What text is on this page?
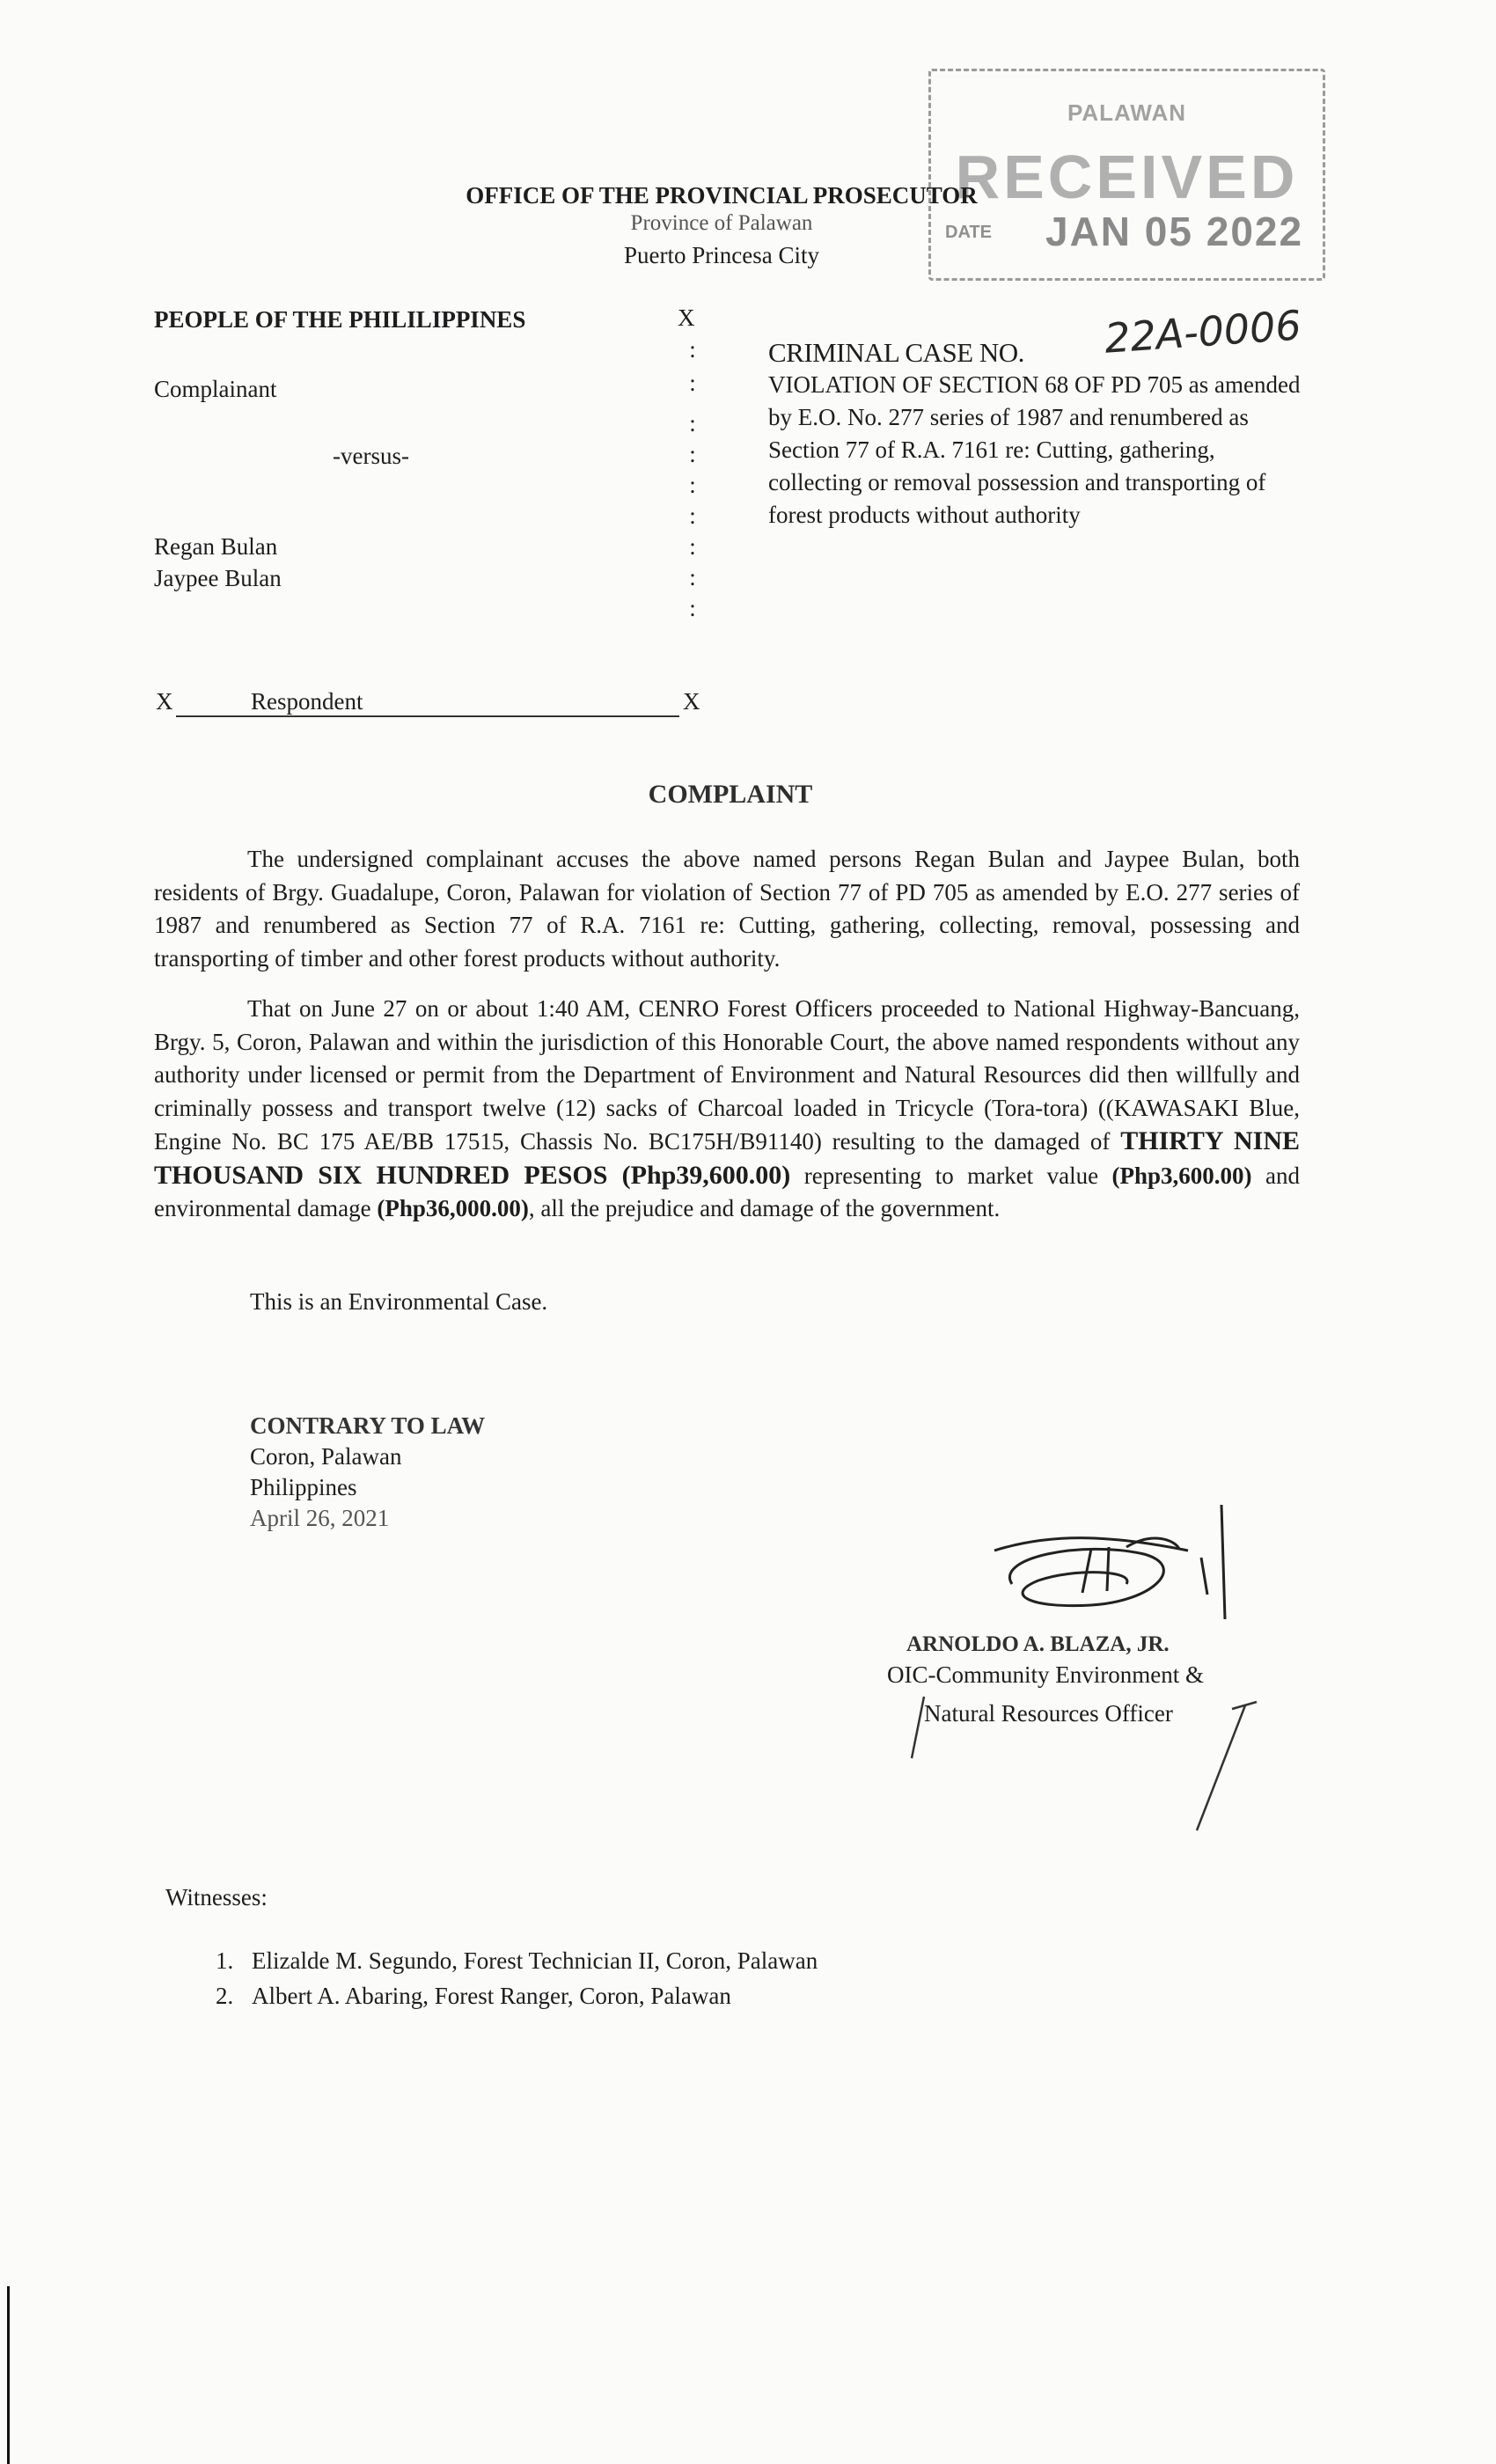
PALAWAN
RECEIVED
DATE JAN 05 2022
OFFICE OF THE PROVINCIAL PROSECUTOR
Province of Palawan
Puerto Princesa City
PEOPLE OF THE PHILILIPPINES
Complainant
-versus-
Regan Bulan
Jaypee Bulan
X
:
:
:
:
:
:
:
:
:
X	Respondent	X
CRIMINAL CASE NO. 22A-0006
VIOLATION OF SECTION 68 OF PD 705 as amended by E.O. No. 277 series of 1987 and renumbered as Section 77 of R.A. 7161 re: Cutting, gathering, collecting or removal possession and transporting of forest products without authority
COMPLAINT
The undersigned complainant accuses the above named persons Regan Bulan and Jaypee Bulan, both residents of Brgy. Guadalupe, Coron, Palawan for violation of Section 77 of PD 705 as amended by E.O. 277 series of 1987 and renumbered as Section 77 of R.A. 7161 re: Cutting, gathering, collecting, removal, possessing and transporting of timber and other forest products without authority.
That on June 27 on or about 1:40 AM, CENRO Forest Officers proceeded to National Highway-Bancuang, Brgy. 5, Coron, Palawan and within the jurisdiction of this Honorable Court, the above named respondents without any authority under licensed or permit from the Department of Environment and Natural Resources did then willfully and criminally possess and transport twelve (12) sacks of Charcoal loaded in Tricycle (Tora-tora) ((KAWASAKI Blue, Engine No. BC 175 AE/BB 17515, Chassis No. BC175H/B91140) resulting to the damaged of THIRTY NINE THOUSAND SIX HUNDRED PESOS (Php39,600.00) representing to market value (Php3,600.00) and environmental damage (Php36,000.00), all the prejudice and damage of the government.
This is an Environmental Case.
CONTRARY TO LAW
Coron, Palawan
Philippines
April 26, 2021
ARNOLDO A. BLAZA, JR.
OIC-Community Environment &
Natural Resources Officer
Witnesses:
1. Elizalde M. Segundo, Forest Technician II, Coron, Palawan
2. Albert A. Abaring, Forest Ranger, Coron, Palawan
